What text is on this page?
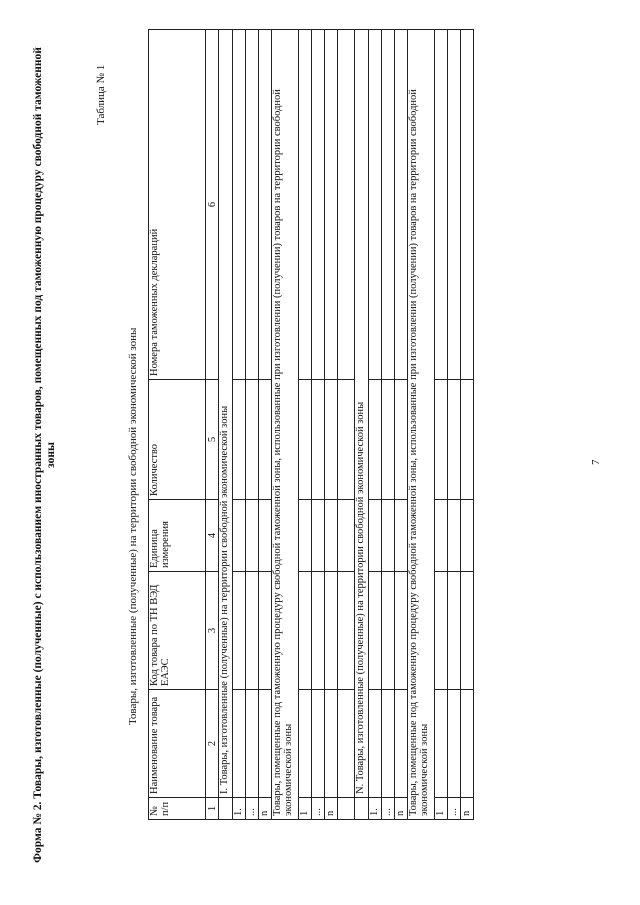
7
Форма № 2. Товары, изготовленные (полученные) с использованием иностранных товаров, помещенных под таможенную процедуру свободной таможенной зоны
Таблица № 1
Товары, изготовленные (полученные) на территории свободной экономической зоны
№ п/п	Наименование товара	Код товара по ТН ВЭД ЕАЭС	Единица измерения	Количество	Номера таможенных деклараций
1	2	3	4	5	6
	I. Товары, изготовленные (полученные) на территории свободной экономической зоны				
1.					
...					
n					
Товары, помещенные под таможенную процедуру свободной таможенной зоны, использованные при изготовлении (получении) товаров на территории свободной экономической зоны					
1					
...					
n					

	N. Товары, изготовленные (полученные) на территории свободной экономической зоны				
1.					
...					
n					
Товары, помещенные под таможенную процедуру свободной таможенной зоны, использованные при изготовлении (получении) товаров на территории свободной экономической зоны					
1					
...					
n					
